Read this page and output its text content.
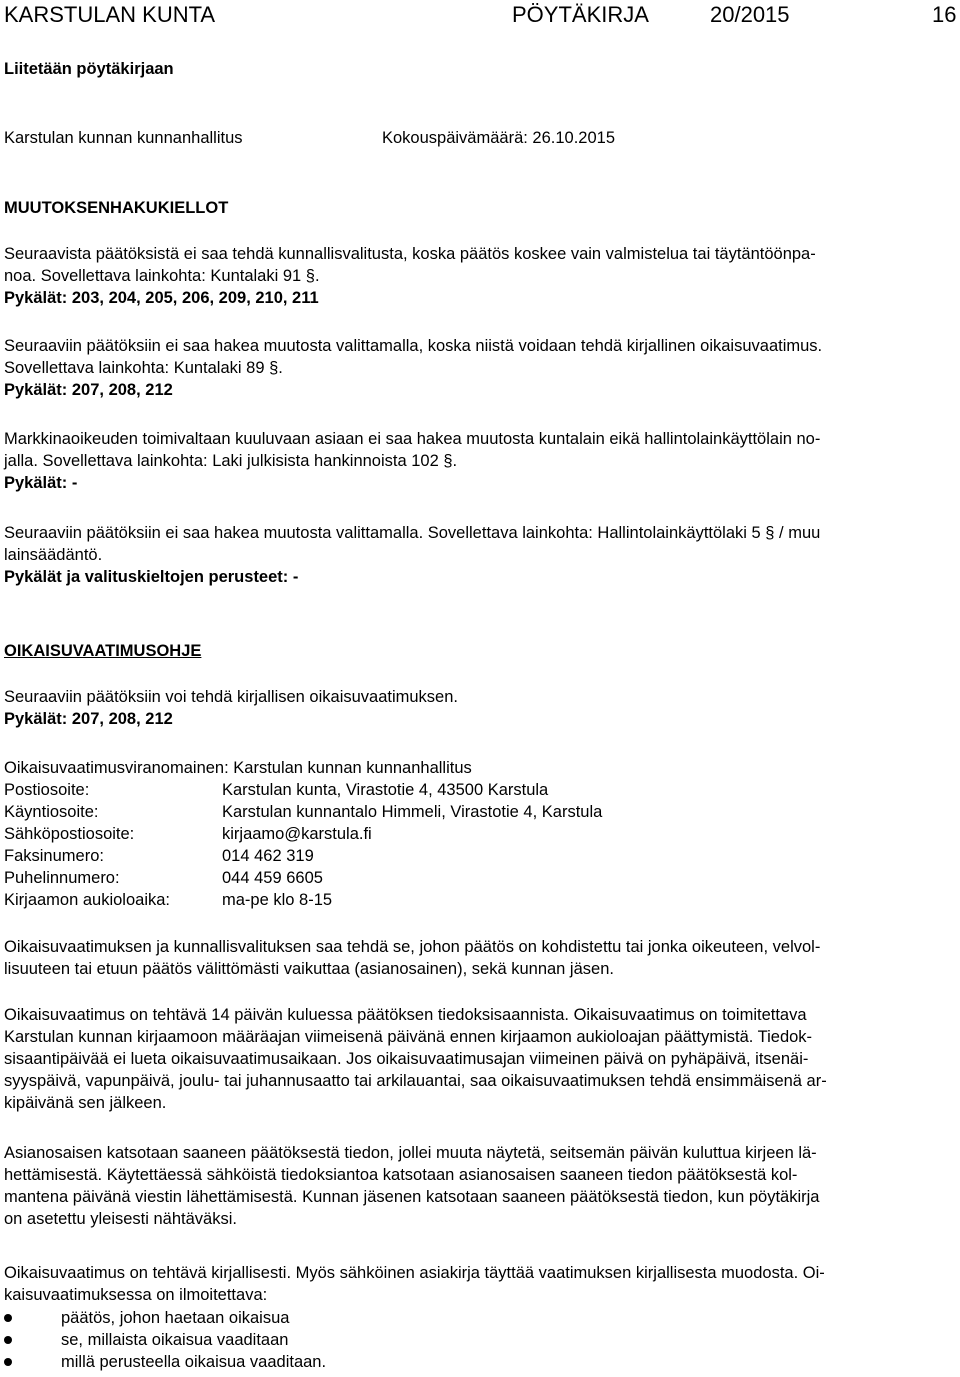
KARSTULAN KUNTA	PÖYTÄKIRJA	20/2015	16
Liitetään pöytäkirjaan
Karstulan kunnan kunnanhallitus	Kokouspäivämäärä: 26.10.2015
MUUTOKSENHAKUKIELLOT

Seuraavista päätöksistä ei saa tehdä kunnallisvalitusta, koska päätös koskee vain valmistelua tai täytäntöönpa-

noa. Sovellettava lainkohta: Kuntalaki 91 §.

Pykälät: 203, 204, 205, 206, 209, 210, 211

Seuraaviin päätöksiin ei saa hakea muutosta valittamalla, koska niistä voidaan tehdä kirjallinen oikaisuvaatimus.

Sovellettava lainkohta: Kuntalaki 89 §.

Pykälät: 207, 208, 212

Markkinaoikeuden toimivaltaan kuuluvaan asiaan ei saa hakea muutosta kuntalain eikä hallintolainkäyttölain no-

jalla. Sovellettava lainkohta: Laki julkisista hankinnoista 102 §.

Pykälät: -

Seuraaviin päätöksiin ei saa hakea muutosta valittamalla. Sovellettava lainkohta: Hallintolainkäyttölaki 5 § / muu

lainsäädäntö.

Pykälät ja valituskieltojen perusteet: -

OIKAISUVAATIMUSOHJE

Seuraaviin päätöksiin voi tehdä kirjallisen oikaisuvaatimuksen.

Pykälät: 207, 208, 212

Oikaisuvaatimusviranomainen: Karstulan kunnan kunnanhallitus
Postiosoite:	Karstulan kunta, Virastotie 4, 43500 Karstula
Käyntiosoite:	Karstulan kunnantalo Himmeli, Virastotie 4, Karstula
Sähköpostiosoite:	kirjaamo@karstula.fi
Faksinumero:	014 462 319
Puhelinnumero:	044 459 6605
Kirjaamon aukioloaika:	ma-pe klo 8-15

Oikaisuvaatimuksen ja kunnallisvalituksen saa tehdä se, johon päätös on kohdistettu tai jonka oikeuteen, velvol-

lisuuteen tai etuun päätös välittömästi vaikuttaa (asianosainen), sekä kunnan jäsen.

Oikaisuvaatimus on tehtävä 14 päivän kuluessa päätöksen tiedoksisaannista. Oikaisuvaatimus on toimitettava

Karstulan kunnan kirjaamoon määräajan viimeisenä päivänä ennen kirjaamon aukioloajan päättymistä. Tiedok-

sisaantipäivää ei lueta oikaisuvaatimusaikaan. Jos oikaisuvaatimusajan viimeinen päivä on pyhäpäivä, itsenäi-

syyspäivä, vapunpäivä, joulu- tai juhannusaatto tai arkilauantai, saa oikaisuvaatimuksen tehdä ensimmäisenä ar-

kipäivänä sen jälkeen.

Asianosaisen katsotaan saaneen päätöksestä tiedon, jollei muuta näytetä, seitsemän päivän kuluttua kirjeen lä-

hettämisestä. Käytettäessä sähköistä tiedoksiantoa katsotaan asianosaisen saaneen tiedon päätöksestä kol-

mantena päivänä viestin lähettämisestä. Kunnan jäsenen katsotaan saaneen päätöksestä tiedon, kun pöytäkirja

on asetettu yleisesti nähtäväksi.

Oikaisuvaatimus on tehtävä kirjallisesti. Myös sähköinen asiakirja täyttää vaatimuksen kirjallisesta muodosta. Oi-

kaisuvaatimuksessa on ilmoitettava:

päätös, johon haetaan oikaisua
se, millaista oikaisua vaaditaan
millä perusteella oikaisua vaaditaan.
